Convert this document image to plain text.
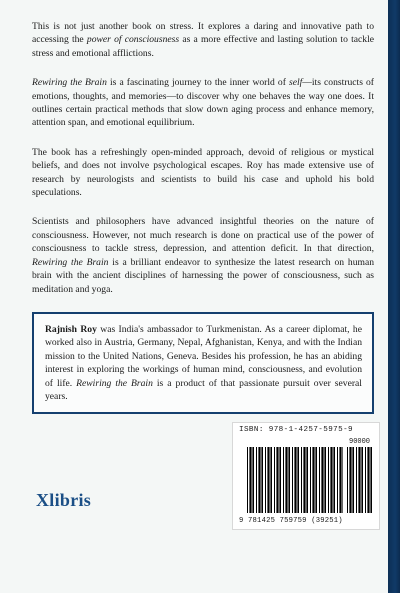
This is not just another book on stress. It explores a daring and innovative path to accessing the power of consciousness as a more effective and lasting solution to tackle stress and emotional afflictions.

Rewiring the Brain is a fascinating journey to the inner world of self—its constructs of emotions, thoughts, and memories—to discover why one behaves the way one does. It outlines certain practical methods that slow down aging process and enhance memory, attention span, and emotional equilibrium.

The book has a refreshingly open-minded approach, devoid of religious or mystical beliefs, and does not involve psychological escapes. Roy has made extensive use of research by neurologists and scientists to build his case and uphold his bold speculations.

Scientists and philosophers have advanced insightful theories on the nature of consciousness. However, not much research is done on practical use of the power of consciousness to tackle stress, depression, and attention deficit. In that direction, Rewiring the Brain is a brilliant endeavor to synthesize the latest research on human brain with the ancient disciplines of harnessing the power of consciousness, such as meditation and yoga.

Rajnish Roy was India's ambassador to Turkmenistan. As a career diplomat, he worked also in Austria, Germany, Nepal, Afghanistan, Kenya, and with the Indian mission to the United Nations, Geneva. Besides his profession, he has an abiding interest in exploring the workings of human mind, consciousness, and evolution of life. Rewiring the Brain is a product of that passionate pursuit over several years.
Xlibris
ISBN: 978-1-4257-5975-9
90000
9 781425 759759 (39251)
